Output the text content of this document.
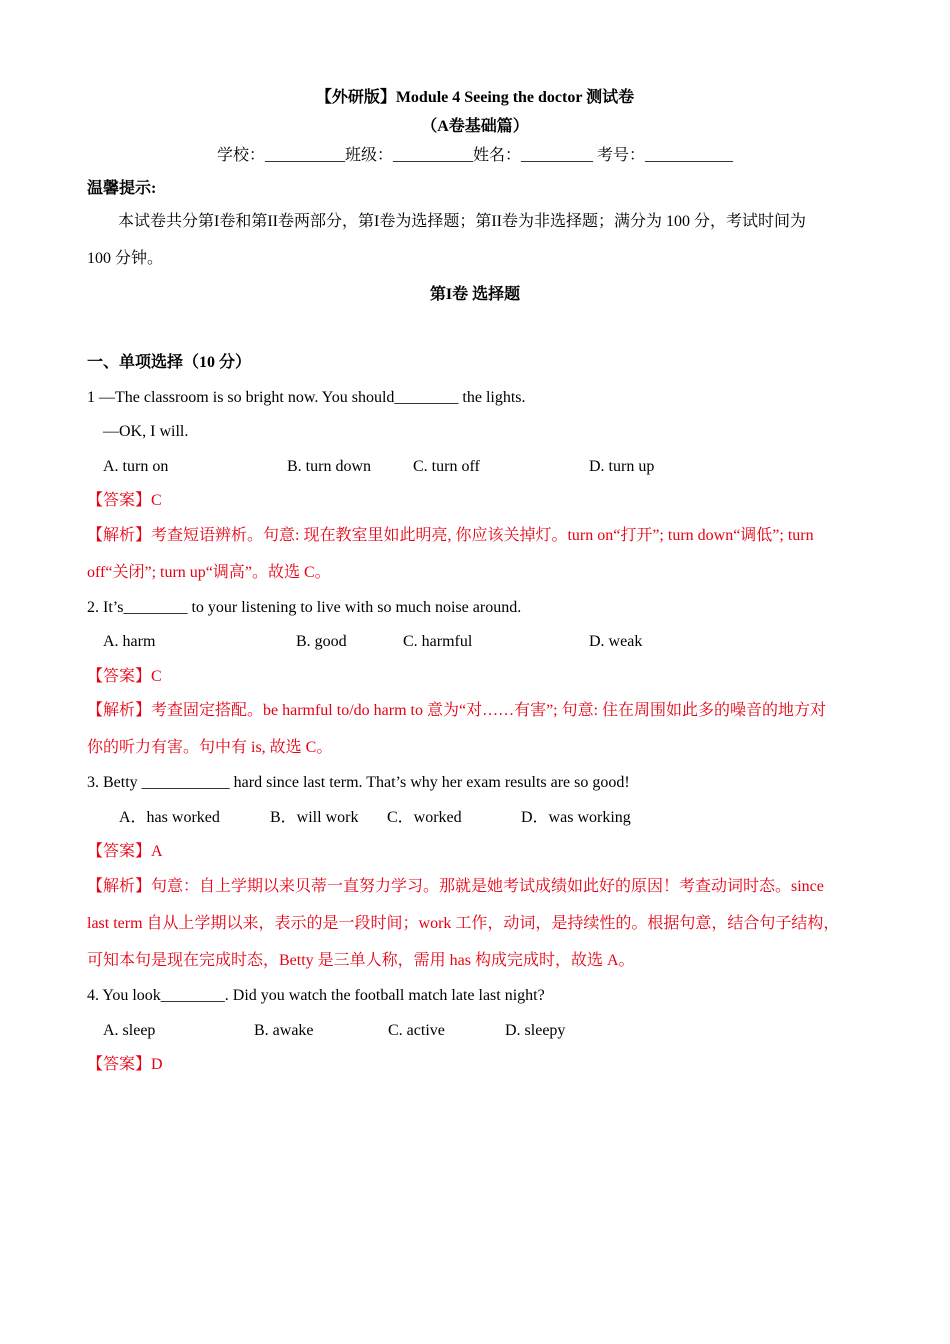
【外研版】Module 4 Seeing the doctor 测试卷
（A卷基础篇）
学校：__________班级：__________姓名：_________ 考号：___________
温馨提示:
本试卷共分第I卷和第II卷两部分，第I卷为选择题；第II卷为非选择题；满分为 100 分，考试时间为
100 分钟。
第I卷 选择题
一、单项选择（10 分）
1 —The classroom is so bright now. You should________ the lights.
—OK, I will.
A. turn on	B. turn down	C. turn off	D. turn up
【答案】C
【解析】考查短语辨析。句意: 现在教室里如此明亮, 你应该关掉灯。turn on“打开”; turn down“调低”; turn
off“关闭”; turn up“调高”。故选 C。
2. It’s________ to your listening to live with so much noise around.
A. harm	B. good	C. harmful	D. weak
【答案】C
【解析】考查固定搭配。be harmful to/do harm to 意为“对……有害”; 句意: 住在周围如此多的噪音的地方对
你的听力有害。句中有 is, 故选 C。
3. Betty ___________ hard since last term. That’s why her exam results are so good!
A．has worked	B．will work C．worked	D．was working
【答案】A
【解析】句意：自上学期以来贝蒂一直努力学习。那就是她考试成绩如此好的原因！考查动词时态。since
last term 自从上学期以来，表示的是一段时间；work 工作，动词，是持续性的。根据句意，结合句子结构，
可知本句是现在完成时态，Betty 是三单人称，需用 has 构成完成时，故选 A。
4. You look________. Did you watch the football match late last night?
A. sleep	B. awake	C. active	D. sleepy
【答案】D
